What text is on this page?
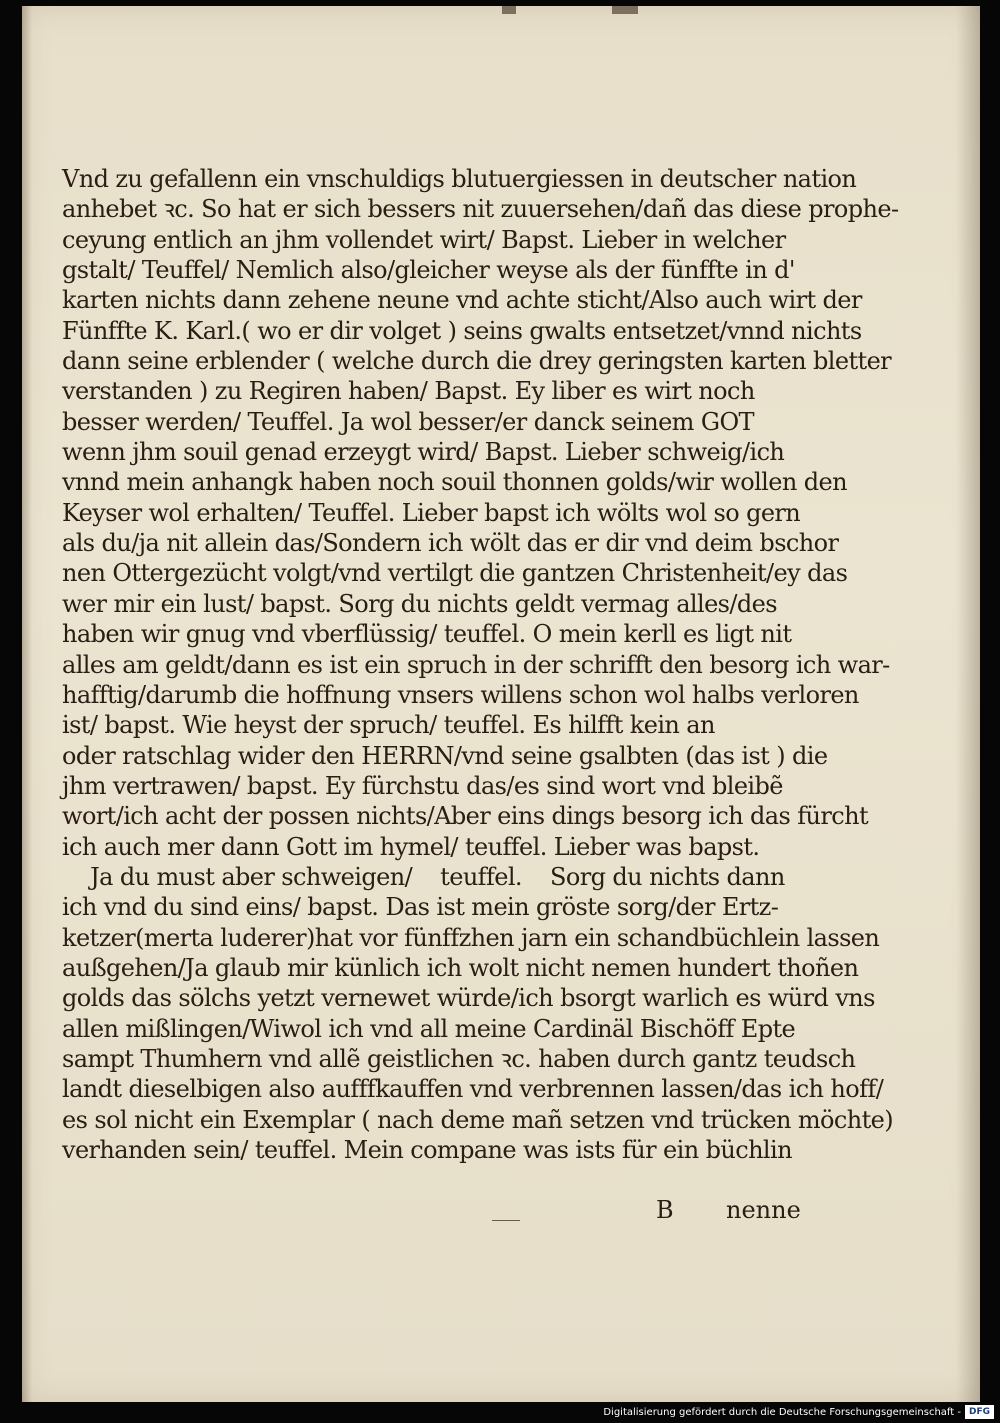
Vnd zu gefallenn ein vnschuldigs blutuergiessen in deutscher nation
anhebet ꝛc. So hat er sich bessers nit zuuersehen/dañ das diese prophe-
ceyung entlich an jhm vollendet wirt/ Bapst. Lieber in welcher
gstalt/ Teuffel/ Nemlich also/gleicher weyse als der fünffte in d'
karten nichts dann zehene neune vnd achte sticht/Also auch wirt der
Fünffte K. Karl.( wo er dir volget ) seins gwalts entsetzet/vnnd nichts
dann seine erblender ( welche durch die drey geringsten karten bletter
verstanden ) zu Regiren haben/ Bapst. Ey liber es wirt noch
besser werden/ Teuffel. Ja wol besser/er danck seinem GOT
wenn jhm souil genad erzeygt wird/ Bapst. Lieber schweig/ich
vnnd mein anhangk haben noch souil thonnen golds/wir wollen den
Keyser wol erhalten/ Teuffel. Lieber bapst ich wölts wol so gern
als du/ja nit allein das/Sondern ich wölt das er dir vnd deim bschor
nen Ottergezücht volgt/vnd vertilgt die gantzen Christenheit/ey das
wer mir ein lust/ bapst. Sorg du nichts geldt vermag alles/des
haben wir gnug vnd vberflüssig/ teuffel. O mein kerll es ligt nit
alles am geldt/dann es ist ein spruch in der schrifft den besorg ich war-
hafftig/darumb die hoffnung vnsers willens schon wol halbs verloren
ist/ bapst. Wie heyst der spruch/ teuffel. Es hilfft kein an
oder ratschlag wider den HERRN/vnd seine gsalbten (das ist ) die
jhm vertrawen/ bapst. Ey fürchstu das/es sind wort vnd bleibẽ
wort/ich acht der possen nichts/Aber eins dings besorg ich das fürcht
ich auch mer dann Gott im hymel/ teuffel. Lieber was bapst.
Ja du must aber schweigen/    teuffel.    Sorg du nichts dann
ich vnd du sind eins/ bapst. Das ist mein gröste sorg/der Ertz-
ketzer(merta luderer)hat vor fünffzhen jarn ein schandbüchlein lassen
außgehen/Ja glaub mir künlich ich wolt nicht nemen hundert thoñen
golds das sölchs yetzt vernewet würde/ich bsorgt warlich es würd vns
allen mißlingen/Wiwol ich vnd all meine Cardinäl Bischöff Epte
sampt Thumhern vnd allẽ geistlichen ꝛc. haben durch gantz teudsch
landt dieselbigen also aufffkauffen vnd verbrennen lassen/das ich hoff/
es sol nicht ein Exemplar ( nach deme mañ setzen vnd trücken möchte)
verhanden sein/ teuffel. Mein compane was ists für ein büchlin
B nenne
Digitalisierung gefördert durch die Deutsche Forschungsgemeinschaft - DFG
